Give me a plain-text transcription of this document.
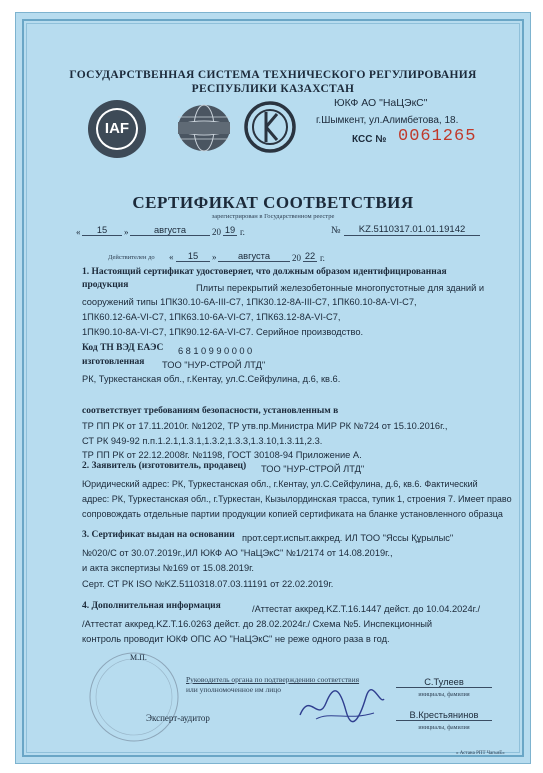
ГОСУДАРСТВЕННАЯ СИСТЕМА ТЕХНИЧЕСКОГО РЕГУЛИРОВАНИЯ
РЕСПУБЛИКИ КАЗАХСТАН
IAF
ЮКФ АО "НаЦЭкС"
г.Шымкент, ул.Алимбетова, 18.
КСС № 0061265
СЕРТИФИКАТ СООТВЕТСТВИЯ
зарегистрирован в Государственном реестре
«	15	»	августа	20 19 г.	№	KZ.5110317.01.01.19142
Действителен до «	15	»	августа	20 22 г.
1. Настоящий сертификат удостоверяет, что должным образом идентифицированная
продукция	Плиты перекрытий железобетонные многопустотные для зданий и
сооружений типы 1ПК30.10-6А-III-С7, 1ПК30.12-8А-III-С7, 1ПК60.10-8А-VI-С7,
1ПК60.12-6А-VI-С7, 1ПК63.10-6А-VI-С7, 1ПК63.12-8А-VI-С7,
1ПК90.10-8А-VI-С7, 1ПК90.12-6А-VI-С7. Серийное производство.
Код ТН ВЭД ЕАЭС 6810990000
изготовленная ТОО "НУР-СТРОЙ ЛТД"
РК, Туркестанская обл., г.Кентау, ул.С.Сейфулина, д.6, кв.6.
соответствует требованиям безопасности, установленным в
ТР ПП РК от 17.11.2010г. №1202, ТР утв.пр.Министра МИР РК №724 от 15.10.2016г.,
СТ РК 949-92 п.п.1.2.1,1.3.1,1.3.2,1.3.3,1.3.10,1.3.11,2.3.
ТР ПП РК от 22.12.2008г. №1198, ГОСТ 30108-94 Приложение А.
2. Заявитель (изготовитель, продавец) ТОО "НУР-СТРОЙ ЛТД"
Юридический адрес: РК, Туркестанская обл., г.Кентау, ул.С.Сейфулина, д.6, кв.6. Фактический
адрес: РК, Туркестанская обл., г.Туркестан, Кызылординская трасса, тупик 1, строения 7. Имеет право
сопровождать отдельные партии продукции копией сертификата на бланке установленного образца
3. Сертификат выдан на основании прот.серт.испыт.аккред. ИЛ ТОО "Яссы Құрылыс"
№020/С от 30.07.2019г.,ИЛ ЮКФ АО "НаЦЭкС" №1/2174 от 14.08.2019г.,
и акта экспертизы №169 от 15.08.2019г.
Серт. СТ РК ISO №KZ.5110318.07.03.11191 от 22.02.2019г.
4. Дополнительная информация	/Аттестат аккред.KZ.T.16.1447 дейст. до 10.04.2024г./
/Аттестат аккред.KZ.T.16.0263 дейст. до 28.02.2024г./ Схема №5. Инспекционный
контроль проводит ЮКФ ОПС АО "НаЦЭкС" не реже одного раза в год.
М.П.
Руководитель органа по подтверждению соответствия
или уполномоченное им лицо
С.Тулеев
инициалы, фамилия
Эксперт-аудитор	В.Крестьянинов
инициалы, фамилия
« Астана РПТ ЧагьиЕ»
